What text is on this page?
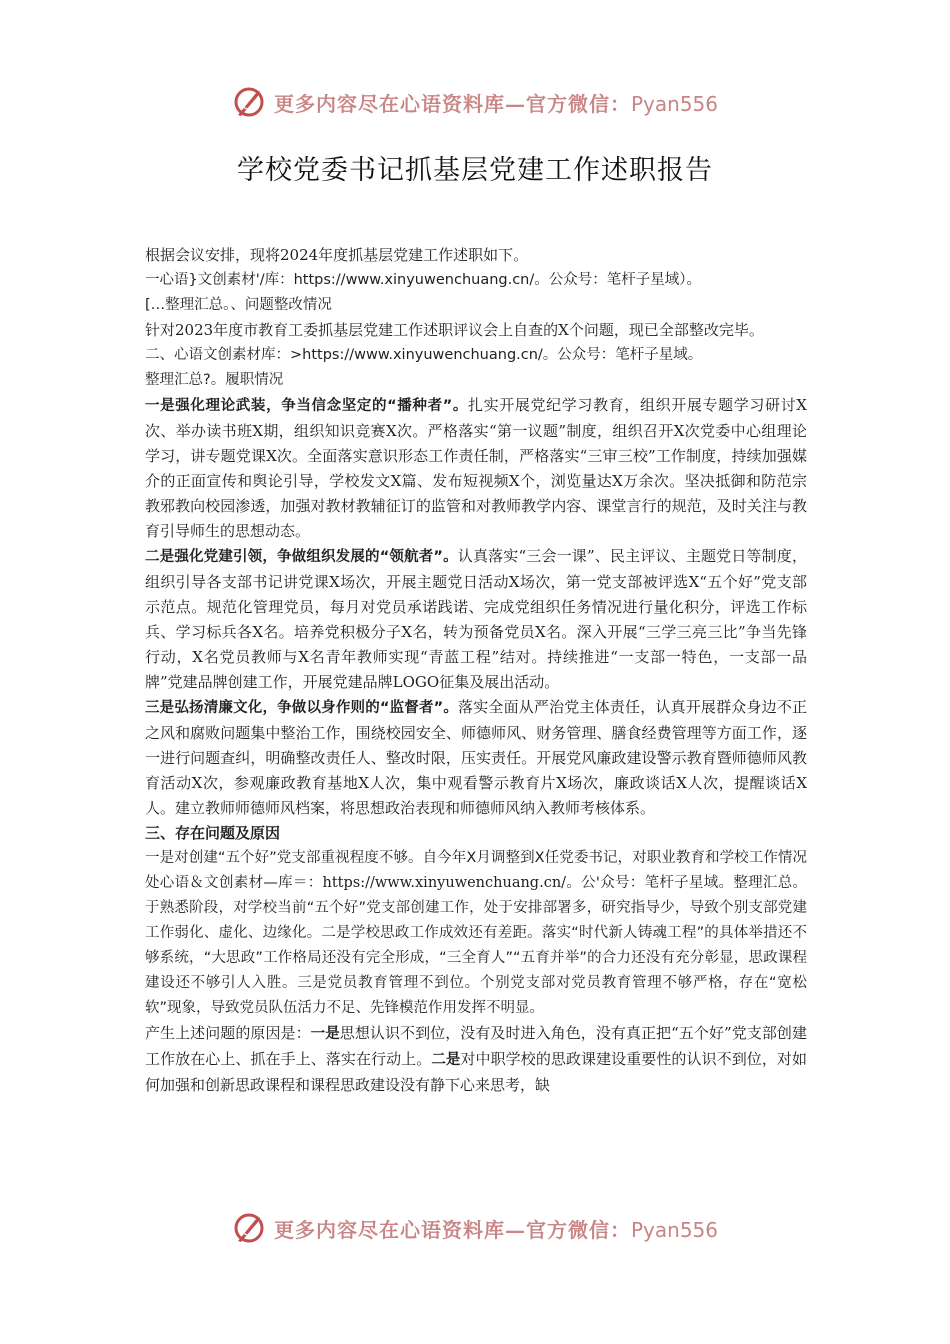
更多内容尽在心语资料库—官方微信：Pyan556
学校党委书记抓基层党建工作述职报告

根据会议安排，现将2024年度抓基层党建工作述职如下。

一心语}文创素材'/库：https://www.xinyuwenchuang.cn/。公众号：笔杆子星域）。

[…整理汇总。、问题整改情况

针对2023年度市教育工委抓基层党建工作述职评议会上自查的X个问题，现已全部整改完毕。

二、心语文创素材库：>https://www.xinyuwenchuang.cn/。公众号：笔杆子星域。

整理汇总?。履职情况

一是强化理论武装，争当信念坚定的“播种者”。扎实开展党纪学习教育，组织开展专题学习研讨X次、举办读书班X期，组织知识竞赛X次。严格落实“第一议题”制度，组织召开X次党委中心组理论学习，讲专题党课X次。全面落实意识形态工作责任制，严格落实“三审三校”工作制度，持续加强媒介的正面宣传和舆论引导，学校发文X篇、发布短视频X个，浏览量达X万余次。坚决抵御和防范宗教邪教向校园渗透，加强对教材教辅征订的监管和对教师教学内容、课堂言行的规范，及时关注与教育引导师生的思想动态。

二是强化党建引领，争做组织发展的“领航者”。认真落实“三会一课”、民主评议、主题党日等制度，组织引导各支部书记讲党课X场次，开展主题党日活动X场次，第一党支部被评选X“五个好”党支部示范点。规范化管理党员，每月对党员承诺践诺、完成党组织任务情况进行量化积分，评选工作标兵、学习标兵各X名。培养党积极分子X名，转为预备党员X名。深入开展“三学三亮三比”争当先锋行动，X名党员教师与X名青年教师实现“青蓝工程”结对。持续推进“一支部一特色，一支部一品牌”党建品牌创建工作，开展党建品牌LOGO征集及展出活动。

三是弘扬清廉文化，争做以身作则的“监督者”。落实全面从严治党主体责任，认真开展群众身边不正之风和腐败问题集中整治工作，围绕校园安全、师德师风、财务管理、膳食经费管理等方面工作，逐一进行问题查纠，明确整改责任人、整改时限，压实责任。开展党风廉政建设警示教育暨师德师风教育活动X次，参观廉政教育基地X人次，集中观看警示教育片X场次，廉政谈话X人次，提醒谈话X人。建立教师师德师风档案，将思想政治表现和师德师风纳入教师考核体系。

三、存在问题及原因

一是对创建“五个好”党支部重视程度不够。自今年X月调整到X任党委书记，对职业教育和学校工作情况处心语＆文创素材—库＝：https://www.xinyuwenchuang.cn/。公'众号：笔杆子星域。整理汇总。于熟悉阶段，对学校当前“五个好”党支部创建工作，处于安排部署多，研究指导少，导致个别支部党建工作弱化、虚化、边缘化。二是学校思政工作成效还有差距。落实“时代新人铸魂工程”的具体举措还不够系统，“大思政”工作格局还没有完全形成，“三全育人”“五育并举”的合力还没有充分彰显，思政课程建设还不够引人入胜。三是党员教育管理不到位。个别党支部对党员教育管理不够严格，存在“宽松软”现象，导致党员队伍活力不足、先锋模范作用发挥不明显。

产生上述问题的原因是：一是思想认识不到位，没有及时进入角色，没有真正把“五个好”党支部创建工作放在心上、抓在手上、落实在行动上。二是对中职学校的思政课建设重要性的认识不到位，对如何加强和创新思政课程和课程思政建设没有静下心来思考，缺

更多内容尽在心语资料库—官方微信：Pyan556
